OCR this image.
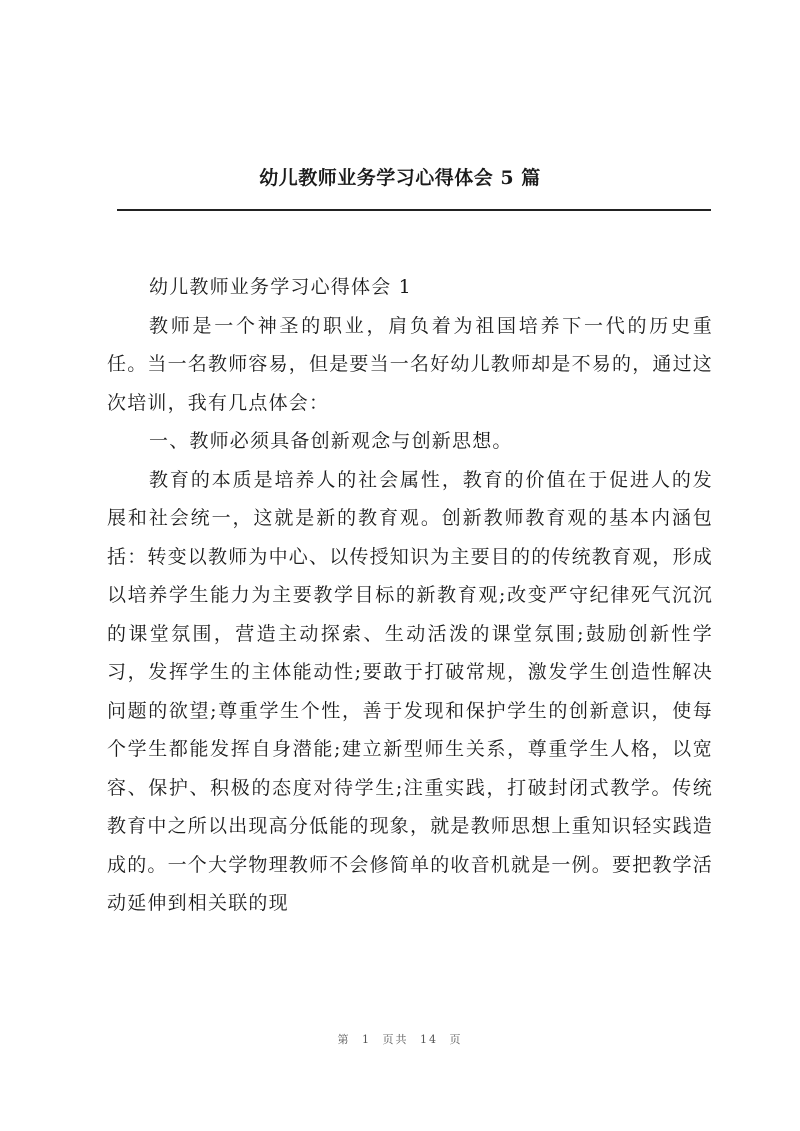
幼儿教师业务学习心得体会 5 篇

幼儿教师业务学习心得体会 1

教师是一个神圣的职业，肩负着为祖国培养下一代的历史重任。当一名教师容易，但是要当一名好幼儿教师却是不易的，通过这次培训，我有几点体会：

一、教师必须具备创新观念与创新思想。

教育的本质是培养人的社会属性，教育的价值在于促进人的发展和社会统一，这就是新的教育观。创新教师教育观的基本内涵包括：转变以教师为中心、以传授知识为主要目的的传统教育观，形成以培养学生能力为主要教学目标的新教育观;改变严守纪律死气沉沉的课堂氛围，营造主动探索、生动活泼的课堂氛围;鼓励创新性学习，发挥学生的主体能动性;要敢于打破常规，激发学生创造性解决问题的欲望;尊重学生个性，善于发现和保护学生的创新意识，使每个学生都能发挥自身潜能;建立新型师生关系，尊重学生人格，以宽容、保护、积极的态度对待学生;注重实践，打破封闭式教学。传统教育中之所以出现高分低能的现象，就是教师思想上重知识轻实践造成的。一个大学物理教师不会修简单的收音机就是一例。要把教学活动延伸到相关联的现

第 1 页共 14 页
